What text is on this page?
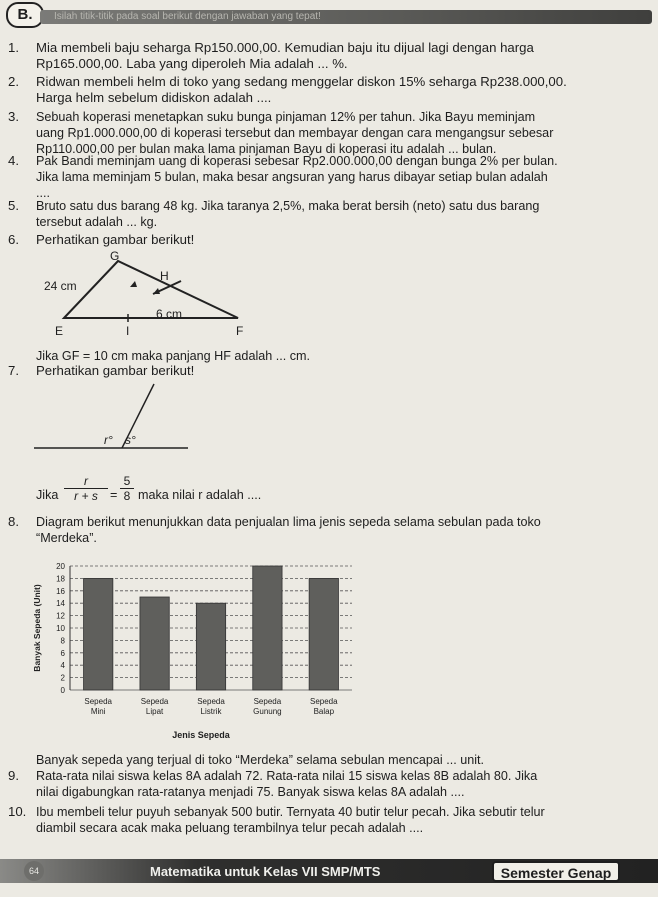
B.	Isilah titik-titik pada soal berikut dengan jawaban yang tepat!
1.	Mia membeli baju seharga Rp150.000,00. Kemudian baju itu dijual lagi dengan harga
Rp165.000,00. Laba yang diperoleh Mia adalah ... %.
2.	Ridwan membeli helm di toko yang sedang menggelar diskon 15% seharga Rp238.000,00.
Harga helm sebelum didiskon adalah ....
3.	Sebuah koperasi menetapkan suku bunga pinjaman 12% per tahun. Jika Bayu meminjam
uang Rp1.000.000,00 di koperasi tersebut dan membayar dengan cara mengangsur sebesar
Rp110.000,00 per bulan maka lama pinjaman Bayu di koperasi itu adalah ... bulan.
4.	Pak Bandi meminjam uang di koperasi sebesar Rp2.000.000,00 dengan bunga 2% per bulan.
Jika lama meminjam 5 bulan, maka besar angsuran yang harus dibayar setiap bulan adalah
....
5.	Bruto satu dus barang 48 kg. Jika taranya 2,5%, maka berat bersih (neto) satu dus barang
tersebut adalah ... kg.
6.	Perhatikan gambar berikut!
G
H
E	I	F
24 cm
6 cm
Jika GF = 10 cm maka panjang HF adalah ... cm.
7.	Perhatikan gambar berikut!
r° s°
Jika $\frac{r}{r + s} = \frac{5}{8}$ maka nilai r adalah ....
8.	Diagram berikut menunjukkan data penjualan lima jenis sepeda selama sebulan pada toko
“Merdeka”.
0
2
4
6
8
10
12
14
16
18
20
Sepeda
Mini
Sepeda
Lipat
Sepeda
Listrik
Sepeda
Gunung
Sepeda
Balap
Jenis Sepeda
Banyak Sepeda (Unit)
Banyak sepeda yang terjual di toko “Merdeka” selama sebulan mencapai ... unit.
9.	Rata-rata nilai siswa kelas 8A adalah 72. Rata-rata nilai 15 siswa kelas 8B adalah 80. Jika
nilai digabungkan rata-ratanya menjadi 75. Banyak siswa kelas 8A adalah ....
10. Ibu membeli telur puyuh sebanyak 500 butir. Ternyata 40 butir telur pecah. Jika sebutir telur
diambil secara acak maka peluang terambilnya telur pecah adalah ....
64	Matematika untuk Kelas VII SMP/MTS	Semester Genap
